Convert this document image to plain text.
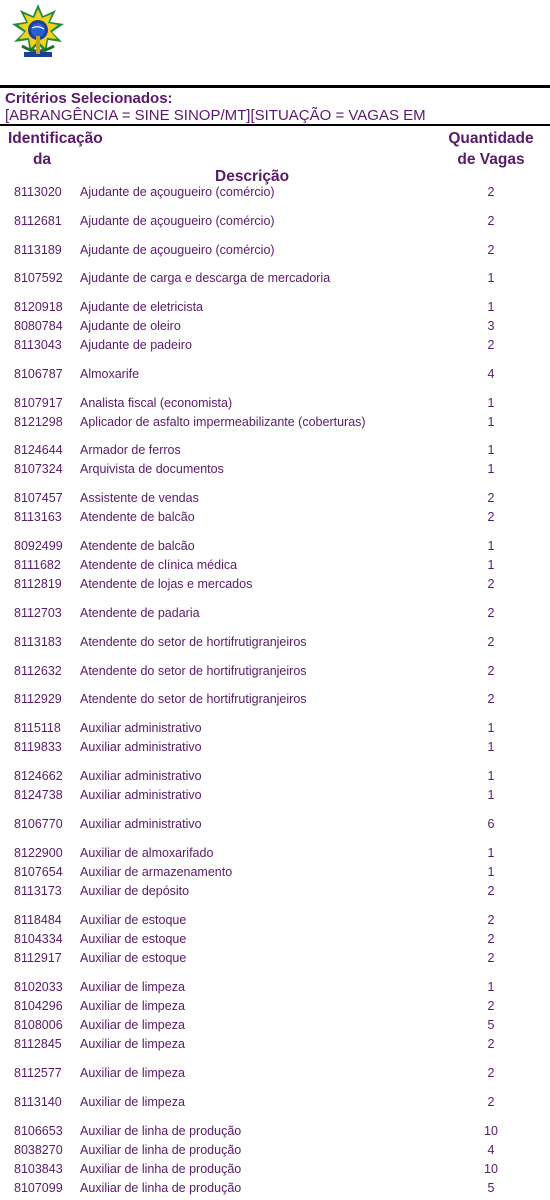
Critérios Selecionados:
[ABRANGÊNCIA = SINE SINOP/MT][SITUAÇÃO = VAGAS EM
Identificação da
Quantidade de Vagas
Descrição
8113020 Ajudante de açougueiro (comércio)	2
8112681 Ajudante de açougueiro (comércio)	2
8113189 Ajudante de açougueiro (comércio)	2
8107592 Ajudante de carga e descarga de mercadoria	1
8120918 Ajudante de eletricista	1
8080784 Ajudante de oleiro	3
8113043 Ajudante de padeiro	2
8106787 Almoxarife	4
8107917 Analista fiscal (economista)	1
8121298 Aplicador de asfalto impermeabilizante (coberturas)	1
8124644 Armador de ferros	1
8107324 Arquivista de documentos	1
8107457 Assistente de vendas	2
8113163 Atendente de balcão	2
8092499 Atendente de balcão	1
8111682 Atendente de clínica médica	1
8112819 Atendente de lojas e mercados	2
8112703 Atendente de padaria	2
8113183 Atendente do setor de hortifrutigranjeiros	2
8112632 Atendente do setor de hortifrutigranjeiros	2
8112929 Atendente do setor de hortifrutigranjeiros	2
8115118 Auxiliar administrativo	1
8119833 Auxiliar administrativo	1
8124662 Auxiliar administrativo	1
8124738 Auxiliar administrativo	1
8106770 Auxiliar administrativo	6
8122900 Auxiliar de almoxarifado	1
8107654 Auxiliar de armazenamento	1
8113173 Auxiliar de depósito	2
8118484 Auxiliar de estoque	2
8104334 Auxiliar de estoque	2
8112917 Auxiliar de estoque	2
8102033 Auxiliar de limpeza	1
8104296 Auxiliar de limpeza	2
8108006 Auxiliar de limpeza	5
8112845 Auxiliar de limpeza	2
8112577 Auxiliar de limpeza	2
8113140 Auxiliar de limpeza	2
8106653 Auxiliar de linha de produção	10
8038270 Auxiliar de linha de produção	4
8103843 Auxiliar de linha de produção	10
8107099 Auxiliar de linha de produção	5
